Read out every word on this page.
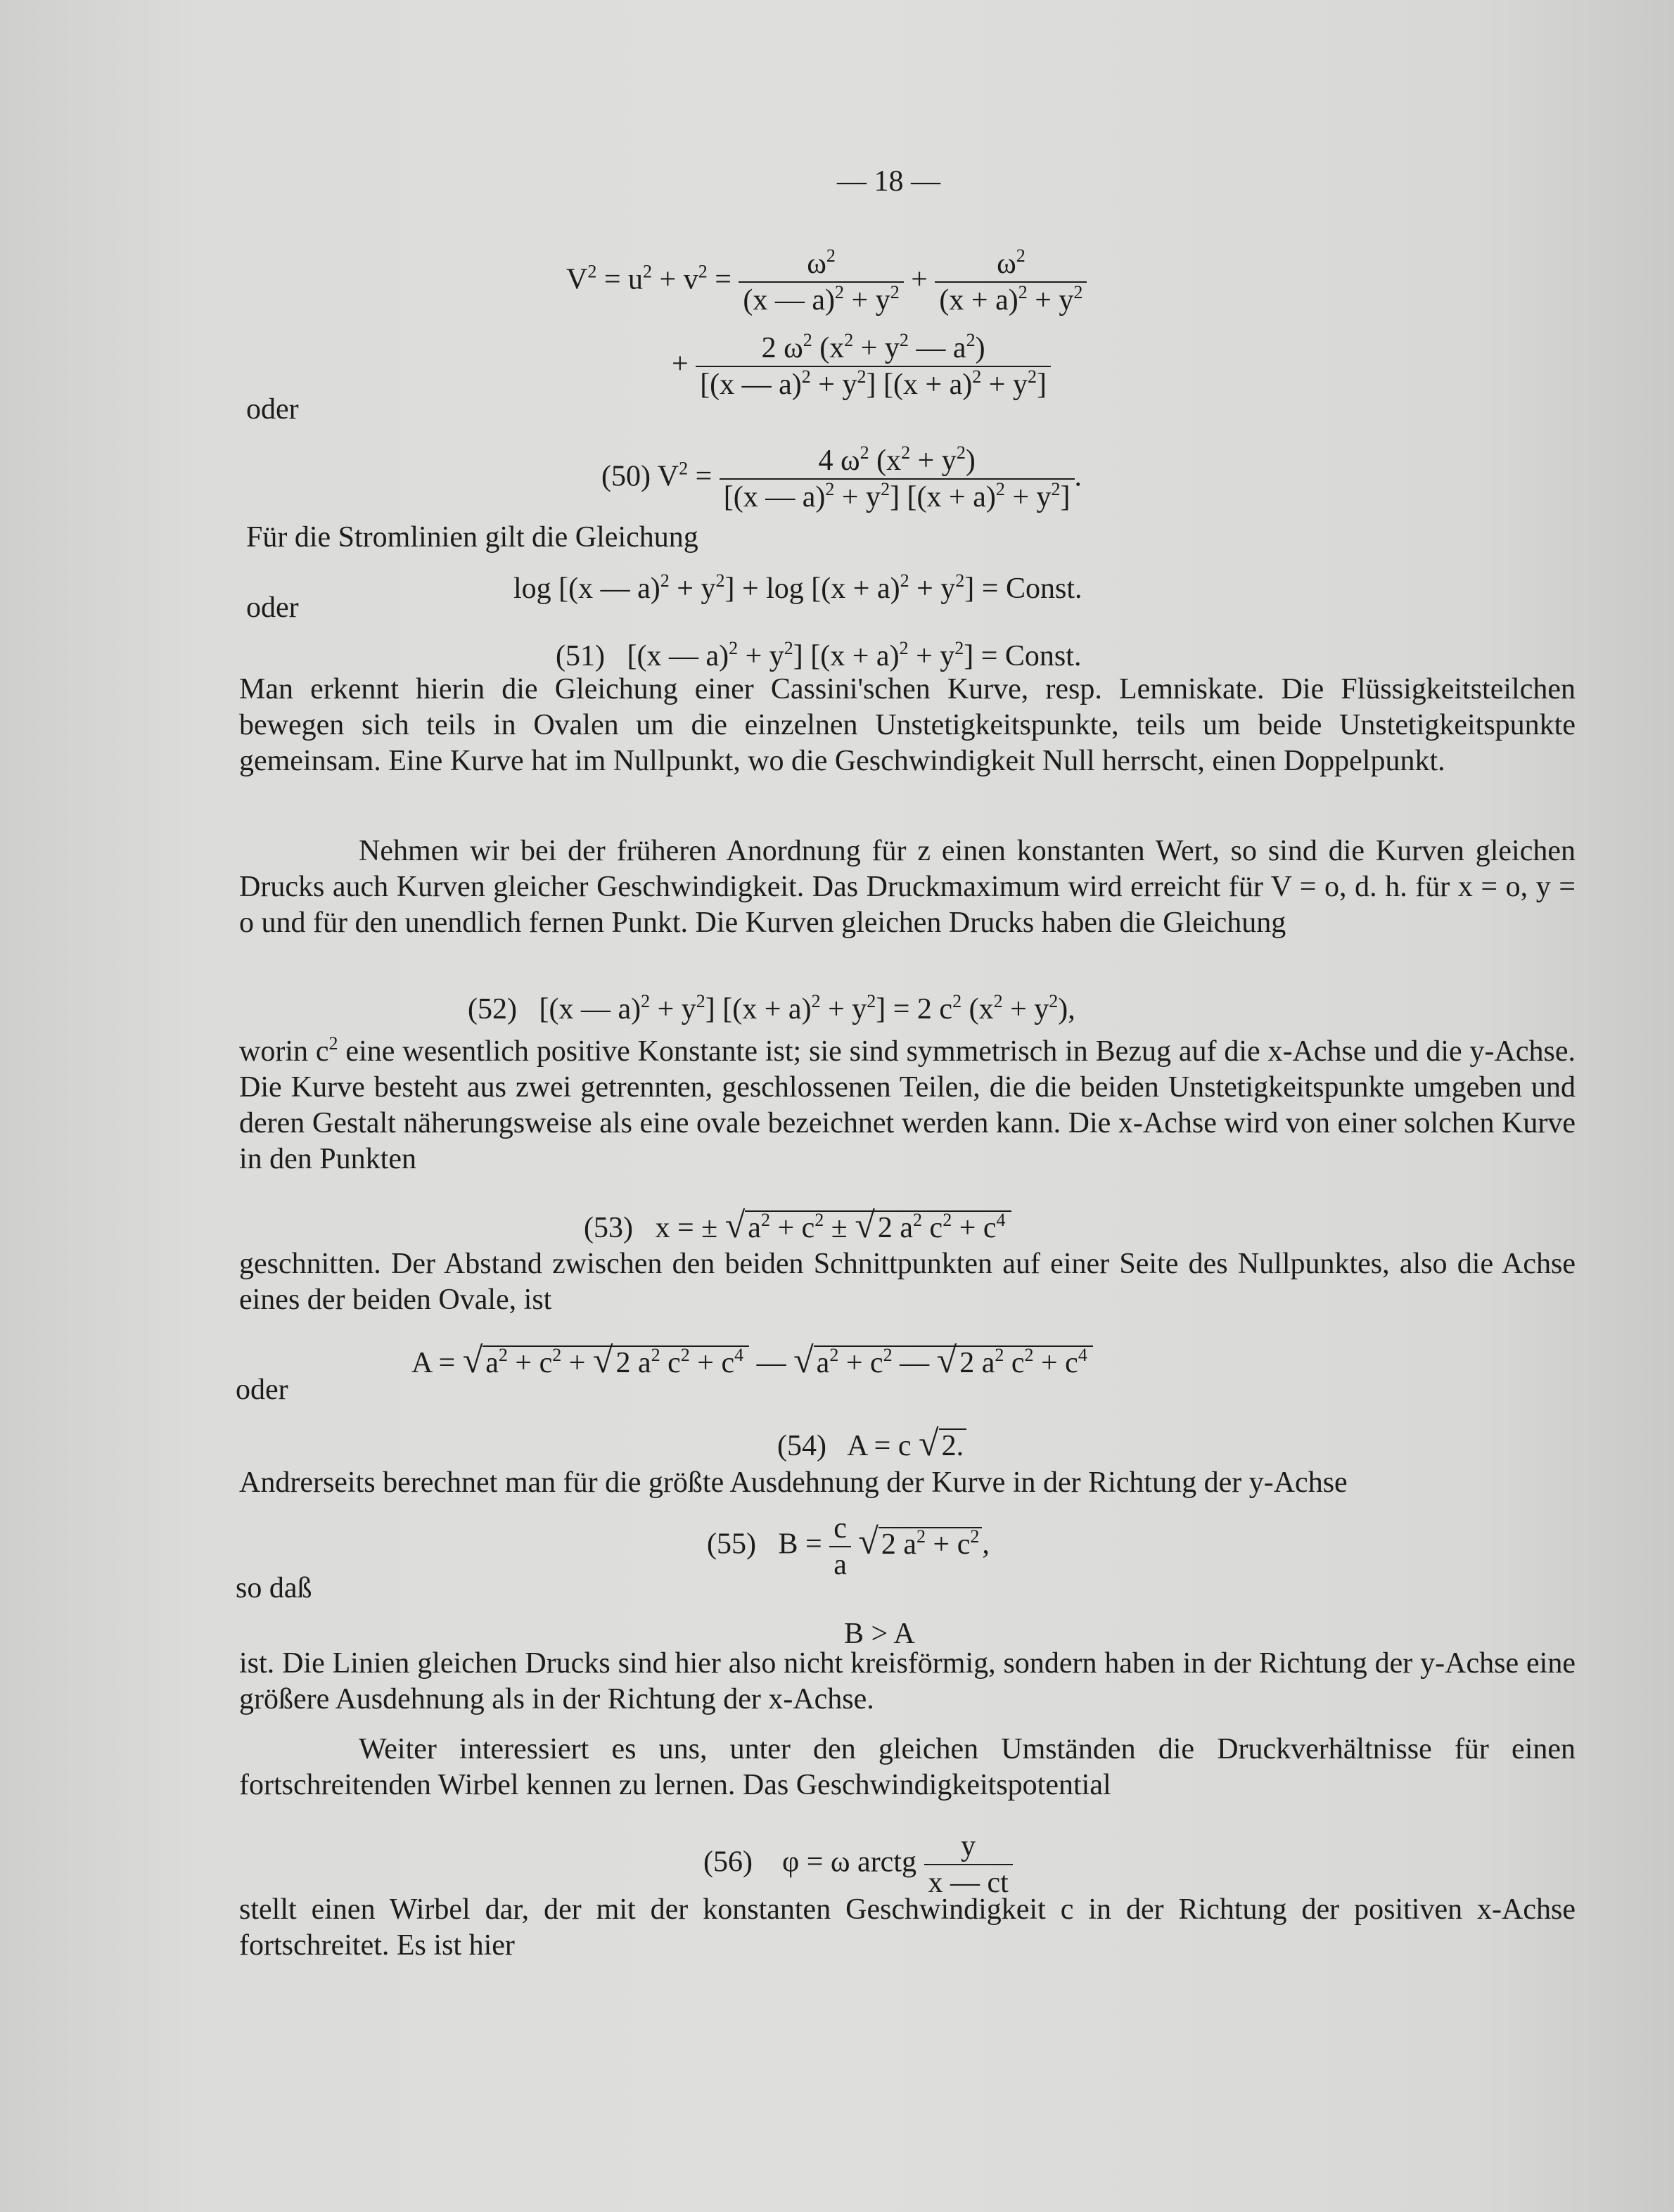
— 18 —
$V^2 = u^2 + v^2 = \frac{\omega^2}{(x — a)^2 + y^2} + \frac{\omega^2}{(x + a)^2 + y^2}$
+ $\frac{2 \omega^2 (x^2 + y^2 — a^2)}{[(x — a)^2 + y^2] [(x + a)^2 + y^2]}$
oder
(50) $V^2 = \frac{4 \omega^2 (x^2 + y^2)}{[(x — a)^2 + y^2] [(x + a)^2 + y^2]}$ .
Für die Stromlinien gilt die Gleichung
log [(x — $a)^2 + y^2] + \log [(x + a)^2 + y^2]$ = Const.
oder
(51) [(x — $a)^2 + y^2$] $[(x + a)^2 + y^2]$ = Const.
Man erkennt hierin die Gleichung einer Cassini'schen Kurve, resp. Lemniskate. Die Flüssigkeitsteilchen bewegen sich teils in Ovalen um die einzelnen Unstetigkeitspunkte, teils um beide Unstetigkeitspunkte gemeinsam. Eine Kurve hat im Nullpunkt, wo die Geschwindigkeit Null herrscht, einen Doppelpunkt.
Nehmen wir bei der früheren Anordnung für z einen konstanten Wert, so sind die Kurven gleichen Drucks auch Kurven gleicher Geschwindigkeit. Das Druckmaximum wird erreicht für V = o, d. h. für x = o, y = o und für den unendlich fernen Punkt. Die Kurven gleichen Drucks haben die Gleichung
(52) [(x — $a)^2 + y^2$] $[(x + a)^2 + y^2] = 2$ $c^2$ $(x^2 + y^2)$,
worin $c^2$ eine wesentlich positive Konstante ist; sie sind symmetrisch in Bezug auf die x-Achse und die y-Achse. Die Kurve besteht aus zwei getrennten, geschlossenen Teilen, die die beiden Unstetigkeitspunkte umgeben und deren Gestalt näherungsweise als eine ovale bezeichnet werden kann. Die x-Achse wird von einer solchen Kurve in den Punkten
(53) x = ± $√a^2 + c^2 \pm √2$ $a^2$ $c^2 + c^4$
geschnitten. Der Abstand zwischen den beiden Schnittpunkten auf einer Seite des Nullpunktes, also die Achse eines der beiden Ovale, ist
$A = √a^2 + c^2 + √2$ $a^2$ $c^2 + c^4$ — $√a^2 + c^2$ — √2 $a^2$ $c^2 + c^4$
oder
(54) A = c √2.
Andrerseits berechnet man für die größte Ausdehnung der Kurve in der Richtung der y-Achse
(55) $B = \frac{c}{a} √2$ $a^2 + c^2$,
so daß
B > A
ist. Die Linien gleichen Drucks sind hier also nicht kreisförmig, sondern haben in der Richtung der y-Achse eine größere Ausdehnung als in der Richtung der x-Achse.
Weiter interessiert es uns, unter den gleichen Umständen die Druckverhältnisse für einen fortschreitenden Wirbel kennen zu lernen. Das Geschwindigkeitspotential
(56) φ = ω arctg $\frac{y}{x — ct}$
stellt einen Wirbel dar, der mit der konstanten Geschwindigkeit c in der Richtung der positiven x-Achse fortschreitet. Es ist hier
